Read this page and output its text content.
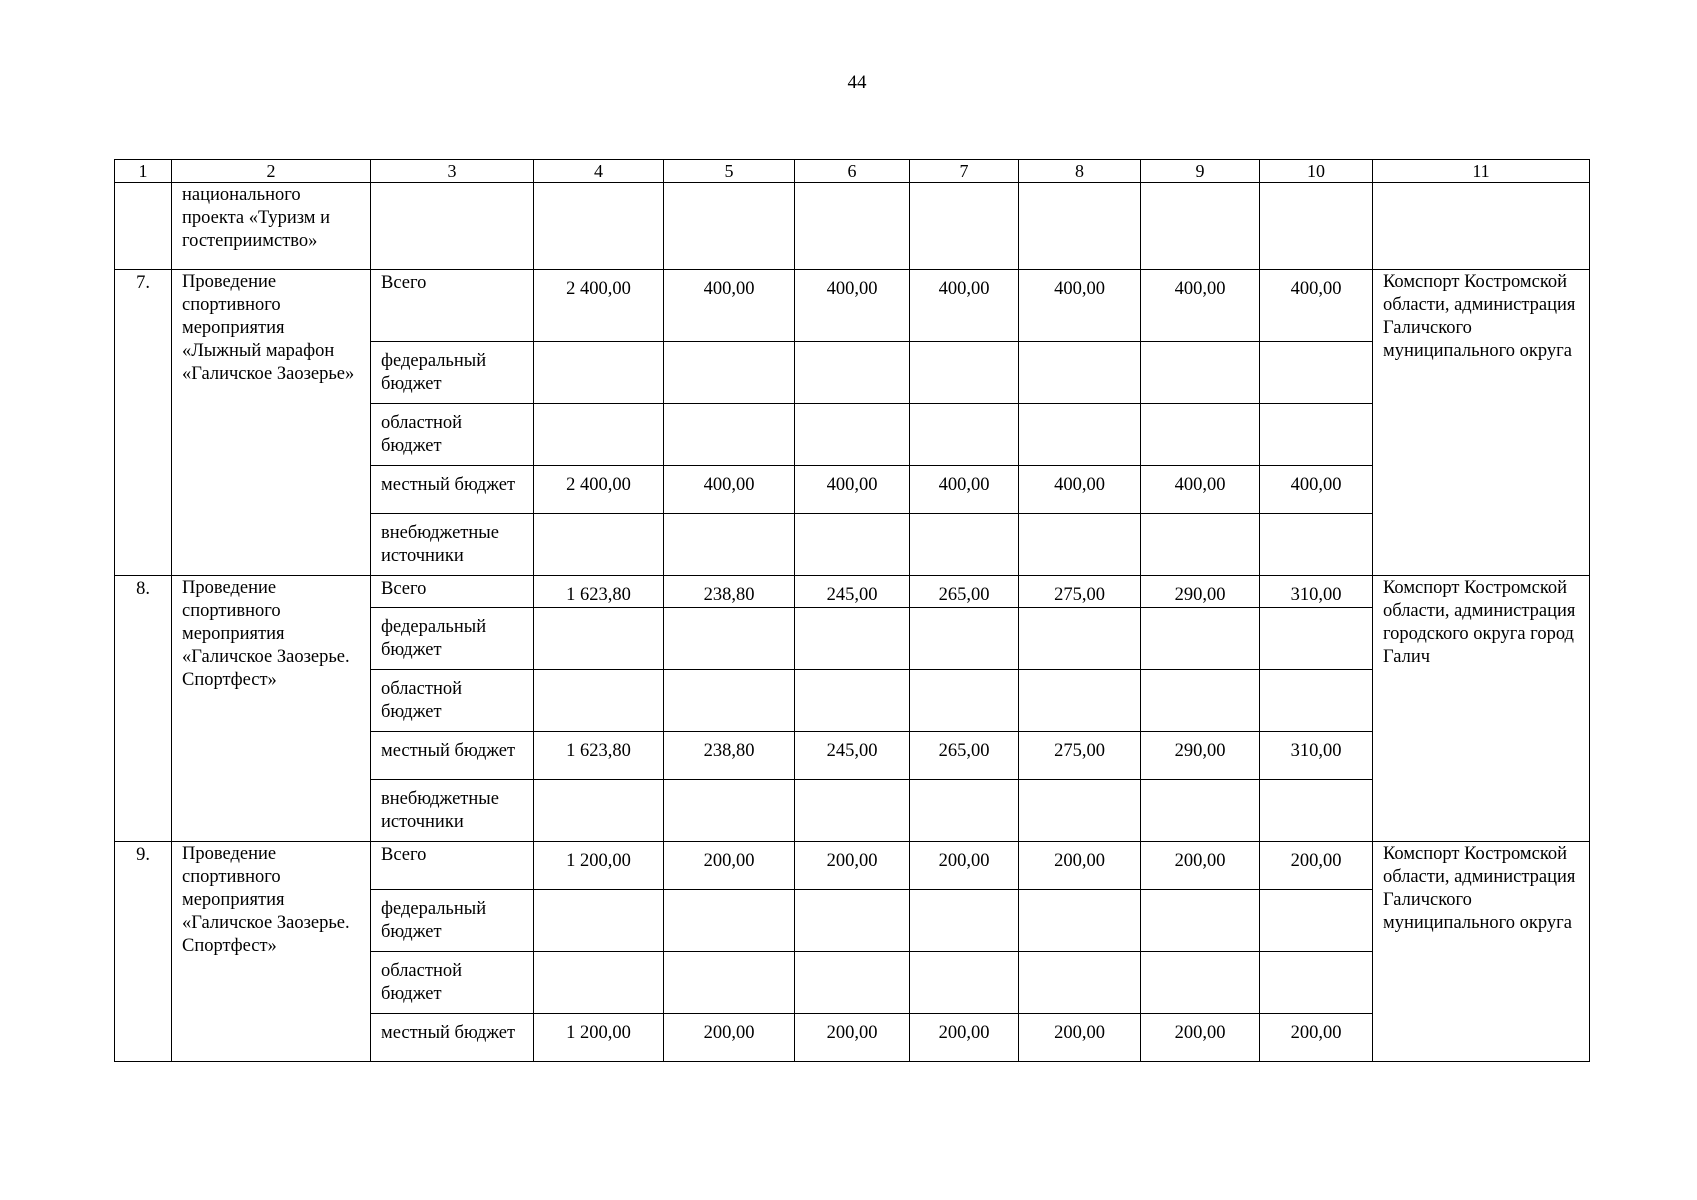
44
1	2	3	4	5	6	7	8	9	10	11
	национального проекта «Туризм и гостеприимство»									
7.	Проведение спортивного мероприятия «Лыжный марафон «Галичское Заозерье»	Всего	2 400,00	400,00	400,00	400,00	400,00	400,00	400,00	Комспорт Костромской области, администрация Галичского муниципального округа
		федеральный бюджет								
		областной бюджет								
		местный бюджет	2 400,00	400,00	400,00	400,00	400,00	400,00	400,00	
		внебюджетные источники								
8.	Проведение спортивного мероприятия «Галичское Заозерье. Спортфест»	Всего	1 623,80	238,80	245,00	265,00	275,00	290,00	310,00	Комспорт Костромской области, администрация городского округа город Галич
		федеральный бюджет								
		областной бюджет								
		местный бюджет	1 623,80	238,80	245,00	265,00	275,00	290,00	310,00	
		внебюджетные источники								
9.	Проведение спортивного мероприятия «Галичское Заозерье. Спортфест»	Всего	1 200,00	200,00	200,00	200,00	200,00	200,00	200,00	Комспорт Костромской области, администрация Галичского муниципального округа
		федеральный бюджет								
		областной бюджет								
		местный бюджет	1 200,00	200,00	200,00	200,00	200,00	200,00	200,00	
